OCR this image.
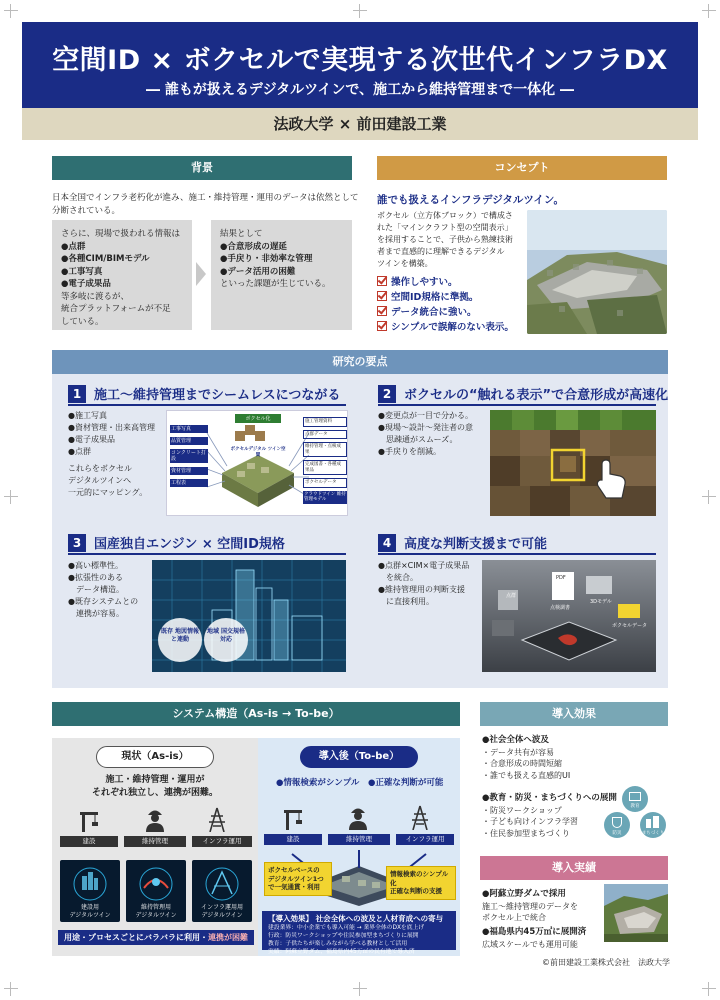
空間ID × ボクセルで実現する次世代インフラDX
― 誰もが扱えるデジタルツインで、施工から維持管理まで一体化 ―
法政大学 × 前田建設工業
背景
日本全国でインフラ老朽化が進み、施工・維持管理・運用のデータは依然として分断されている。
さらに、現場で扱われる情報は
●点群
●各種CIM/BIMモデル
●工事写真
●電子成果品
等多岐に渡るが、
統合プラットフォームが不足
している。
結果として
●合意形成の遅延
●手戻り・非効率な管理
●データ活用の困難
といった課題が生じている。
コンセプト
誰でも扱えるインフラデジタルツイン。
ボクセル（立方体ブロック）で構成さ
れた「マインクラフト型の空間表示」
を採用することで、子供から熟練技術
者まで直感的に理解できるデジタル
ツインを構築。
操作しやすい。
空間ID規格に準拠。
データ統合に強い。
シンプルで誤解のない表示。
研究の要点
1 施工～維持管理までシームレスにつながる
●施工写真
●資材管理・出来高管理
●電子成果品
●点群
これらをボクセル
デジタルツインへ
一元的にマッピング。
工事写真
品質管理
コンクリート打設
資材管理
工程表
ボクセル化
ボクセルデジタル ツイン空間
施工管理資料
点群データ
維持管理・点検成果
完成図書・各種成果品
ボクセルデータ
クラウドツイン 維持管理モデル
2 ボクセルの“触れる表示”で合意形成が高速化
●変更点が一目で分かる。
●現場～設計～発注者の意
　思疎通がスムーズ。
●手戻りを削減。
3 国産独自エンジン × 空間ID規格
●高い標準性。
●拡張性のある
　データ構造。
●既存システムとの
　連携が容易。
既存 地図情報 と連動
地域 国交規格 対応
4 高度な判断支援まで可能
●点群×CIM×電子成果品
　を統合。
●維持管理用の判断支援
　に直接利用。
点群
PDF
点検調書
3Dモデル
ボクセルデータ
システム構造（As-is → To-be）
現状（As-is）
施工・維持管理・運用が
それぞれ独立し、連携が困難。
建設	維持管理	インフラ運用
建設用
デジタルツイン
維持管理用
デジタルツイン
インフラ運用用
デジタルツイン
用途・プロセスごとにバラバラに利用・連携が困難
導入後（To-be）
●情報検索がシンプル ●正確な判断が可能
建設	維持管理	インフラ運用
ボクセルベースの
デジタルツイン1つ
で一気通貫・利用
情報検索のシンプル化
正確な判断の支援
【導入効果】 社会全体への波及と人材育成への寄与
建設業界：中小企業でも導入可能 → 業界全体のDXを底上げ
行政：防災ワークショップや住民参加型まちづくりに展開
教育：子供たちが楽しみながら学べる教材として活用
実績：阿蘇立野ダム、福島県内45万㎥の民有地で導入済
導入効果
●社会全体へ波及
・データ共有が容易
・合意形成の時間短縮
・誰でも扱える直感的UI
●教育・防災・まちづくりへの展開
・防災ワークショップ
・子ども向けインフラ学習
・住民参加型まちづくり
教育
防災	まちづくり
導入実績
●阿蘇立野ダムで採用
施工～維持管理のデータを
ボクセル上で統合
●福島県内45万㎥に展開済
広域スケールでも運用可能
©前田建設工業株式会社　法政大学
